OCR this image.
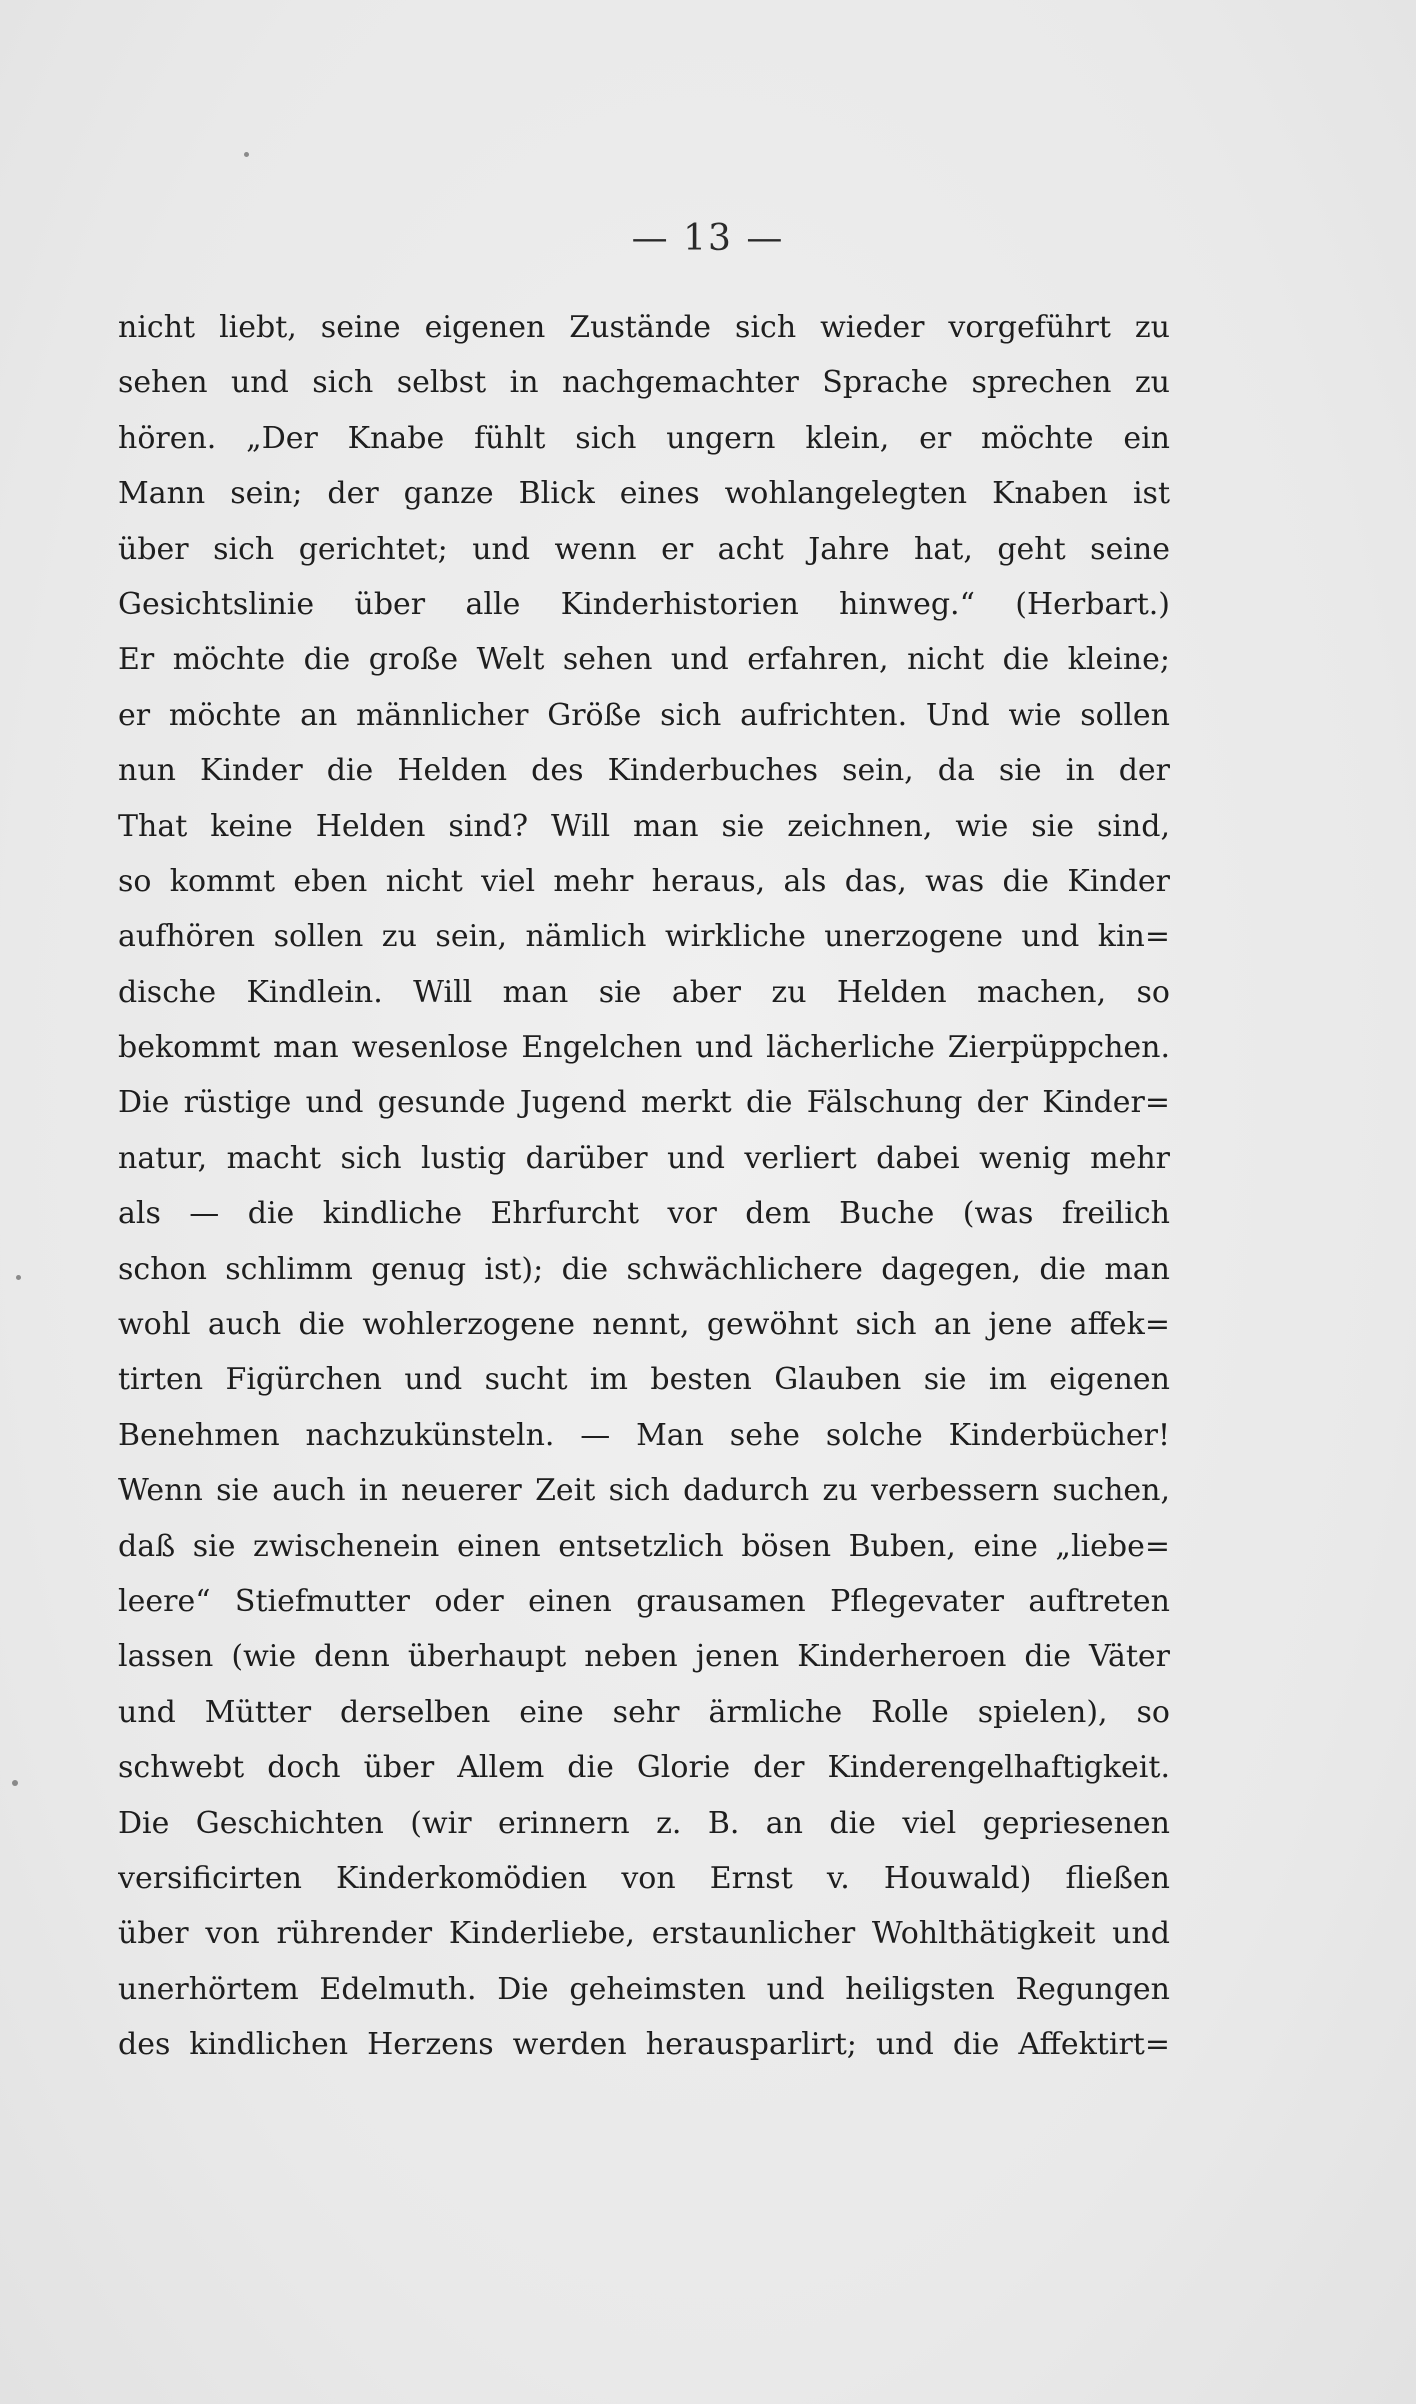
— 13 —
nicht liebt, seine eigenen Zustände sich wieder vorgeführt zu
sehen und sich selbst in nachgemachter Sprache sprechen zu
hören. „Der Knabe fühlt sich ungern klein, er möchte ein
Mann sein; der ganze Blick eines wohlangelegten Knaben ist
über sich gerichtet; und wenn er acht Jahre hat, geht seine
Gesichtslinie über alle Kinderhistorien hinweg.“ (Herbart.)
Er möchte die große Welt sehen und erfahren, nicht die kleine;
er möchte an männlicher Größe sich aufrichten. Und wie sollen
nun Kinder die Helden des Kinderbuches sein, da sie in der
That keine Helden sind? Will man sie zeichnen, wie sie sind,
so kommt eben nicht viel mehr heraus, als das, was die Kinder
aufhören sollen zu sein, nämlich wirkliche unerzogene und kin=
dische Kindlein. Will man sie aber zu Helden machen, so
bekommt man wesenlose Engelchen und lächerliche Zierpüppchen.
Die rüstige und gesunde Jugend merkt die Fälschung der Kinder=
natur, macht sich lustig darüber und verliert dabei wenig mehr
als — die kindliche Ehrfurcht vor dem Buche (was freilich
schon schlimm genug ist); die schwächlichere dagegen, die man
wohl auch die wohlerzogene nennt, gewöhnt sich an jene affek=
tirten Figürchen und sucht im besten Glauben sie im eigenen
Benehmen nachzukünsteln. — Man sehe solche Kinderbücher!
Wenn sie auch in neuerer Zeit sich dadurch zu verbessern suchen,
daß sie zwischenein einen entsetzlich bösen Buben, eine „liebe=
leere“ Stiefmutter oder einen grausamen Pflegevater auftreten
lassen (wie denn überhaupt neben jenen Kinderheroen die Väter
und Mütter derselben eine sehr ärmliche Rolle spielen), so
schwebt doch über Allem die Glorie der Kinderengelhaftigkeit.
Die Geschichten (wir erinnern z. B. an die viel gepriesenen
versificirten Kinderkomödien von Ernst v. Houwald) fließen
über von rührender Kinderliebe, erstaunlicher Wohlthätigkeit und
unerhörtem Edelmuth. Die geheimsten und heiligsten Regungen
des kindlichen Herzens werden herausparlirt; und die Affektirt=
